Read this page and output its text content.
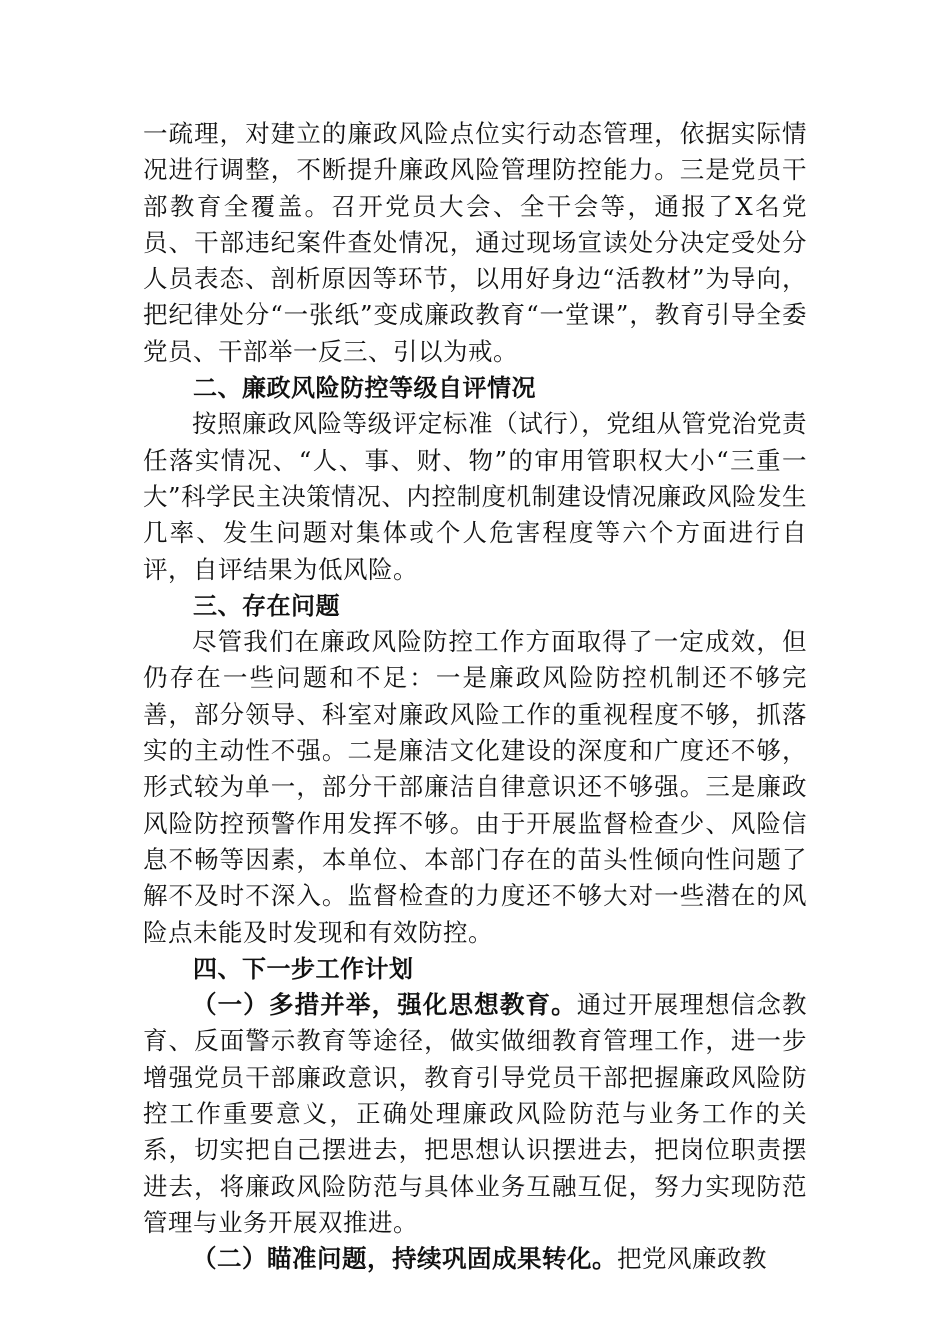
一疏理，对建立的廉政风险点位实行动态管理，依据实际情况进行调整，不断提升廉政风险管理防控能力。三是党员干部教育全覆盖。召开党员大会、全干会等，通报了X名党员、干部违纪案件查处情况，通过现场宣读处分决定受处分人员表态、剖析原因等环节，以用好身边“活教材”为导向，把纪律处分“一张纸”变成廉政教育“一堂课”，教育引导全委党员、干部举一反三、引以为戒。

二、廉政风险防控等级自评情况

按照廉政风险等级评定标准（试行），党组从管党治党责任落实情况、“人、事、财、物”的审用管职权大小“三重一大”科学民主决策情况、内控制度机制建设情况廉政风险发生几率、发生问题对集体或个人危害程度等六个方面进行自评，自评结果为低风险。

三、存在问题

尽管我们在廉政风险防控工作方面取得了一定成效，但仍存在一些问题和不足：一是廉政风险防控机制还不够完善，部分领导、科室对廉政风险工作的重视程度不够，抓落实的主动性不强。二是廉洁文化建设的深度和广度还不够，形式较为单一，部分干部廉洁自律意识还不够强。三是廉政风险防控预警作用发挥不够。由于开展监督检查少、风险信息不畅等因素，本单位、本部门存在的苗头性倾向性问题了解不及时不深入。监督检查的力度还不够大对一些潜在的风险点未能及时发现和有效防控。

四、下一步工作计划

（一）多措并举，强化思想教育。通过开展理想信念教育、反面警示教育等途径，做实做细教育管理工作，进一步增强党员干部廉政意识，教育引导党员干部把握廉政风险防控工作重要意义，正确处理廉政风险防范与业务工作的关系，切实把自己摆进去，把思想认识摆进去，把岗位职责摆进去，将廉政风险防范与具体业务互融互促，努力实现防范管理与业务开展双推进。

（二）瞄准问题，持续巩固成果转化。把党风廉政教
